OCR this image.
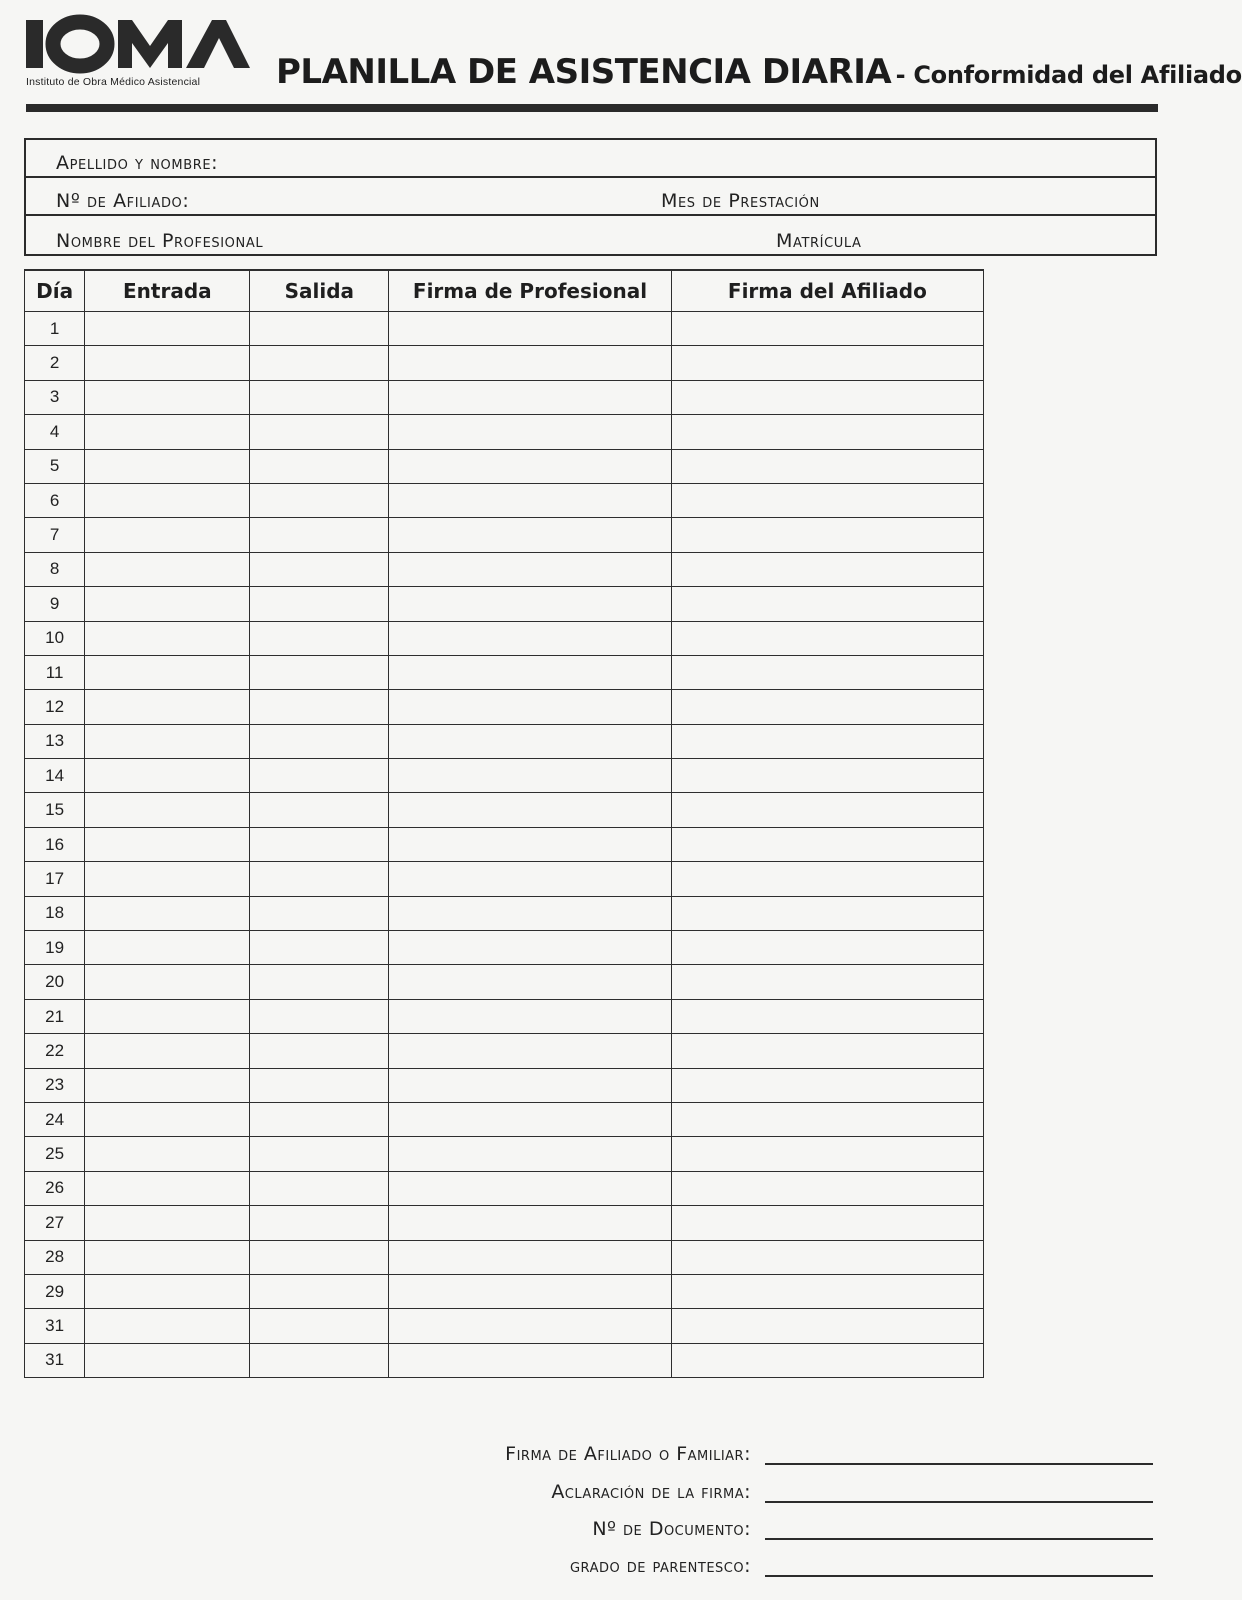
Instituto de Obra Médico Asistencial PLANILLA DE ASISTENCIA DIARIA - Conformidad del Afiliado
Apellido y nombre:
Nº de Afiliado:	Mes de Prestación
Nombre del Profesional	Matrícula
Día	Entrada	Salida	Firma de Profesional	Firma del Afiliado
1				
2				
3				
4				
5				
6				
7				
8				
9				
10				
11				
12				
13				
14				
15				
16				
17				
18				
19				
20				
21				
22				
23				
24				
25				
26				
27				
28				
29				
31				
31				
Firma de Afiliado o Familiar:
Aclaración de la firma:
Nº de Documento:
grado de parentesco:
